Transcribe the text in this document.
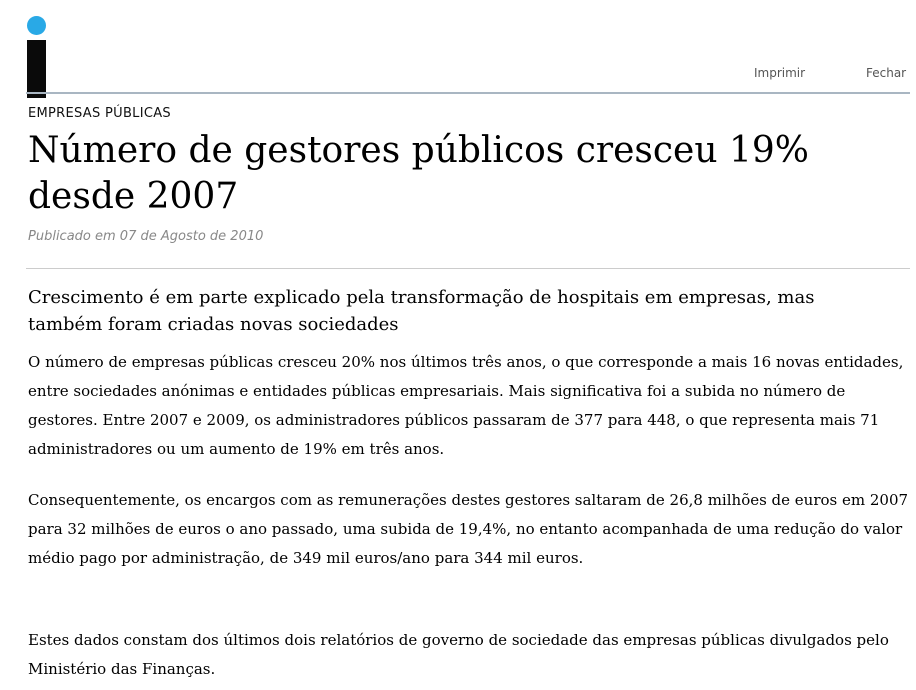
Imprimir	Fechar
EMPRESAS PÚBLICAS
Número de gestores públicos cresceu 19% desde 2007
Publicado em 07 de Agosto de 2010

Crescimento é em parte explicado pela transformação de hospitais em empresas, mas também foram criadas novas sociedades

O número de empresas públicas cresceu 20% nos últimos três anos, o que corresponde a mais 16 novas entidades, entre sociedades anónimas e entidades públicas empresariais. Mais significativa foi a subida no número de gestores. Entre 2007 e 2009, os administradores públicos passaram de 377 para 448, o que representa mais 71 administradores ou um aumento de 19% em três anos.

Consequentemente, os encargos com as remunerações destes gestores saltaram de 26,8 milhões de euros em 2007 para 32 milhões de euros o ano passado, uma subida de 19,4%, no entanto acompanhada de uma redução do valor médio pago por administração, de 349 mil euros/ano para 344 mil euros.

Estes dados constam dos últimos dois relatórios de governo de sociedade das empresas públicas divulgados pelo Ministério das Finanças.
